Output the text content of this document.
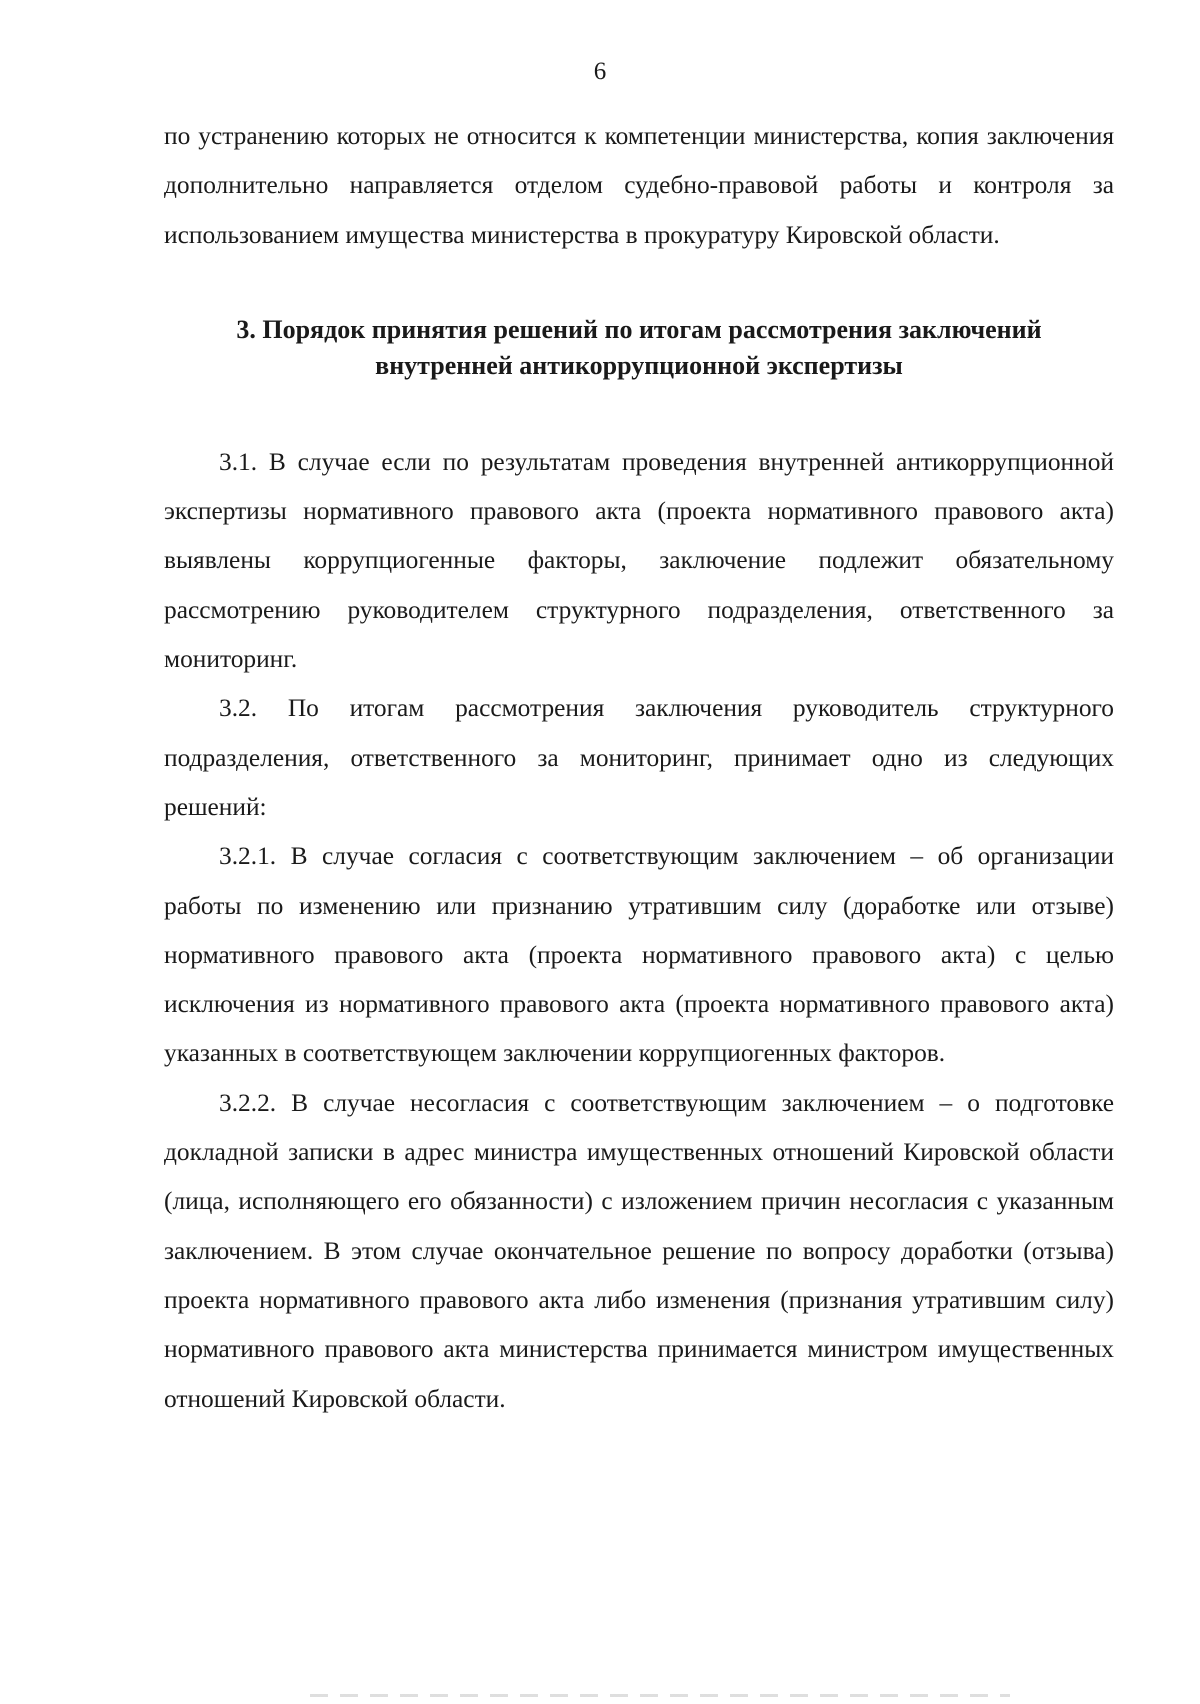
6

по устранению которых не относится к компетенции министерства, копия заключения дополнительно направляется отделом судебно-правовой работы и контроля за использованием имущества министерства в прокуратуру Кировской области.

3. Порядок принятия решений по итогам рассмотрения заключений
внутренней антикоррупционной экспертизы

3.1. В случае если по результатам проведения внутренней антикоррупционной экспертизы нормативного правового акта (проекта нормативного правового акта) выявлены коррупциогенные факторы, заключение подлежит обязательному рассмотрению руководителем структурного подразделения, ответственного за мониторинг.

3.2. По итогам рассмотрения заключения руководитель структурного подразделения, ответственного за мониторинг, принимает одно из следующих решений:

3.2.1. В случае согласия с соответствующим заключением – об организации работы по изменению или признанию утратившим силу (доработке или отзыве) нормативного правового акта (проекта нормативного правового акта) с целью исключения из нормативного правового акта (проекта нормативного правового акта) указанных в соответствующем заключении коррупциогенных факторов.

3.2.2. В случае несогласия с соответствующим заключением – о подготовке докладной записки в адрес министра имущественных отношений Кировской области (лица, исполняющего его обязанности) с изложением причин несогласия с указанным заключением. В этом случае окончательное решение по вопросу доработки (отзыва) проекта нормативного правового акта либо изменения (признания утратившим силу) нормативного правового акта министерства принимается министром имущественных отношений Кировской области.
